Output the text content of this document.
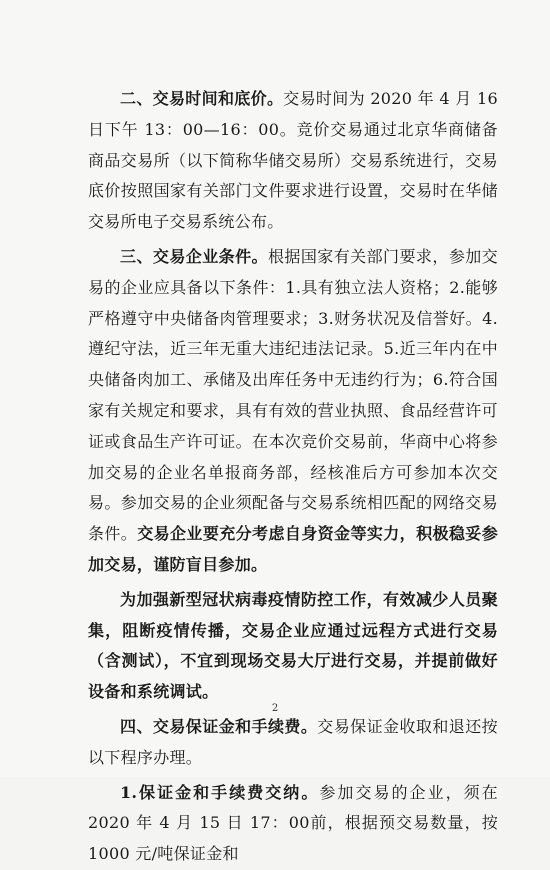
二、交易时间和底价。交易时间为 2020 年 4 月 16 日下午 13：00—16：00。竞价交易通过北京华商储备商品交易所（以下简称华储交易所）交易系统进行，交易底价按照国家有关部门文件要求进行设置，交易时在华储交易所电子交易系统公布。

三、交易企业条件。根据国家有关部门要求，参加交易的企业应具备以下条件：1.具有独立法人资格；2.能够严格遵守中央储备肉管理要求；3.财务状况及信誉好。4.遵纪守法，近三年无重大违纪违法记录。5.近三年内在中央储备肉加工、承储及出库任务中无违约行为；6.符合国家有关规定和要求，具有有效的营业执照、食品经营许可证或食品生产许可证。在本次竞价交易前，华商中心将参加交易的企业名单报商务部，经核准后方可参加本次交易。参加交易的企业须配备与交易系统相匹配的网络交易条件。交易企业要充分考虑自身资金等实力，积极稳妥参加交易，谨防盲目参加。

为加强新型冠状病毒疫情防控工作，有效减少人员聚集，阻断疫情传播，交易企业应通过远程方式进行交易（含测试），不宜到现场交易大厅进行交易，并提前做好设备和系统调试。

四、交易保证金和手续费。交易保证金收取和退还按以下程序办理。

1.保证金和手续费交纳。参加交易的企业，须在 2020 年 4 月 15 日 17：00前，根据预交易数量，按 1000 元/吨保证金和

2
